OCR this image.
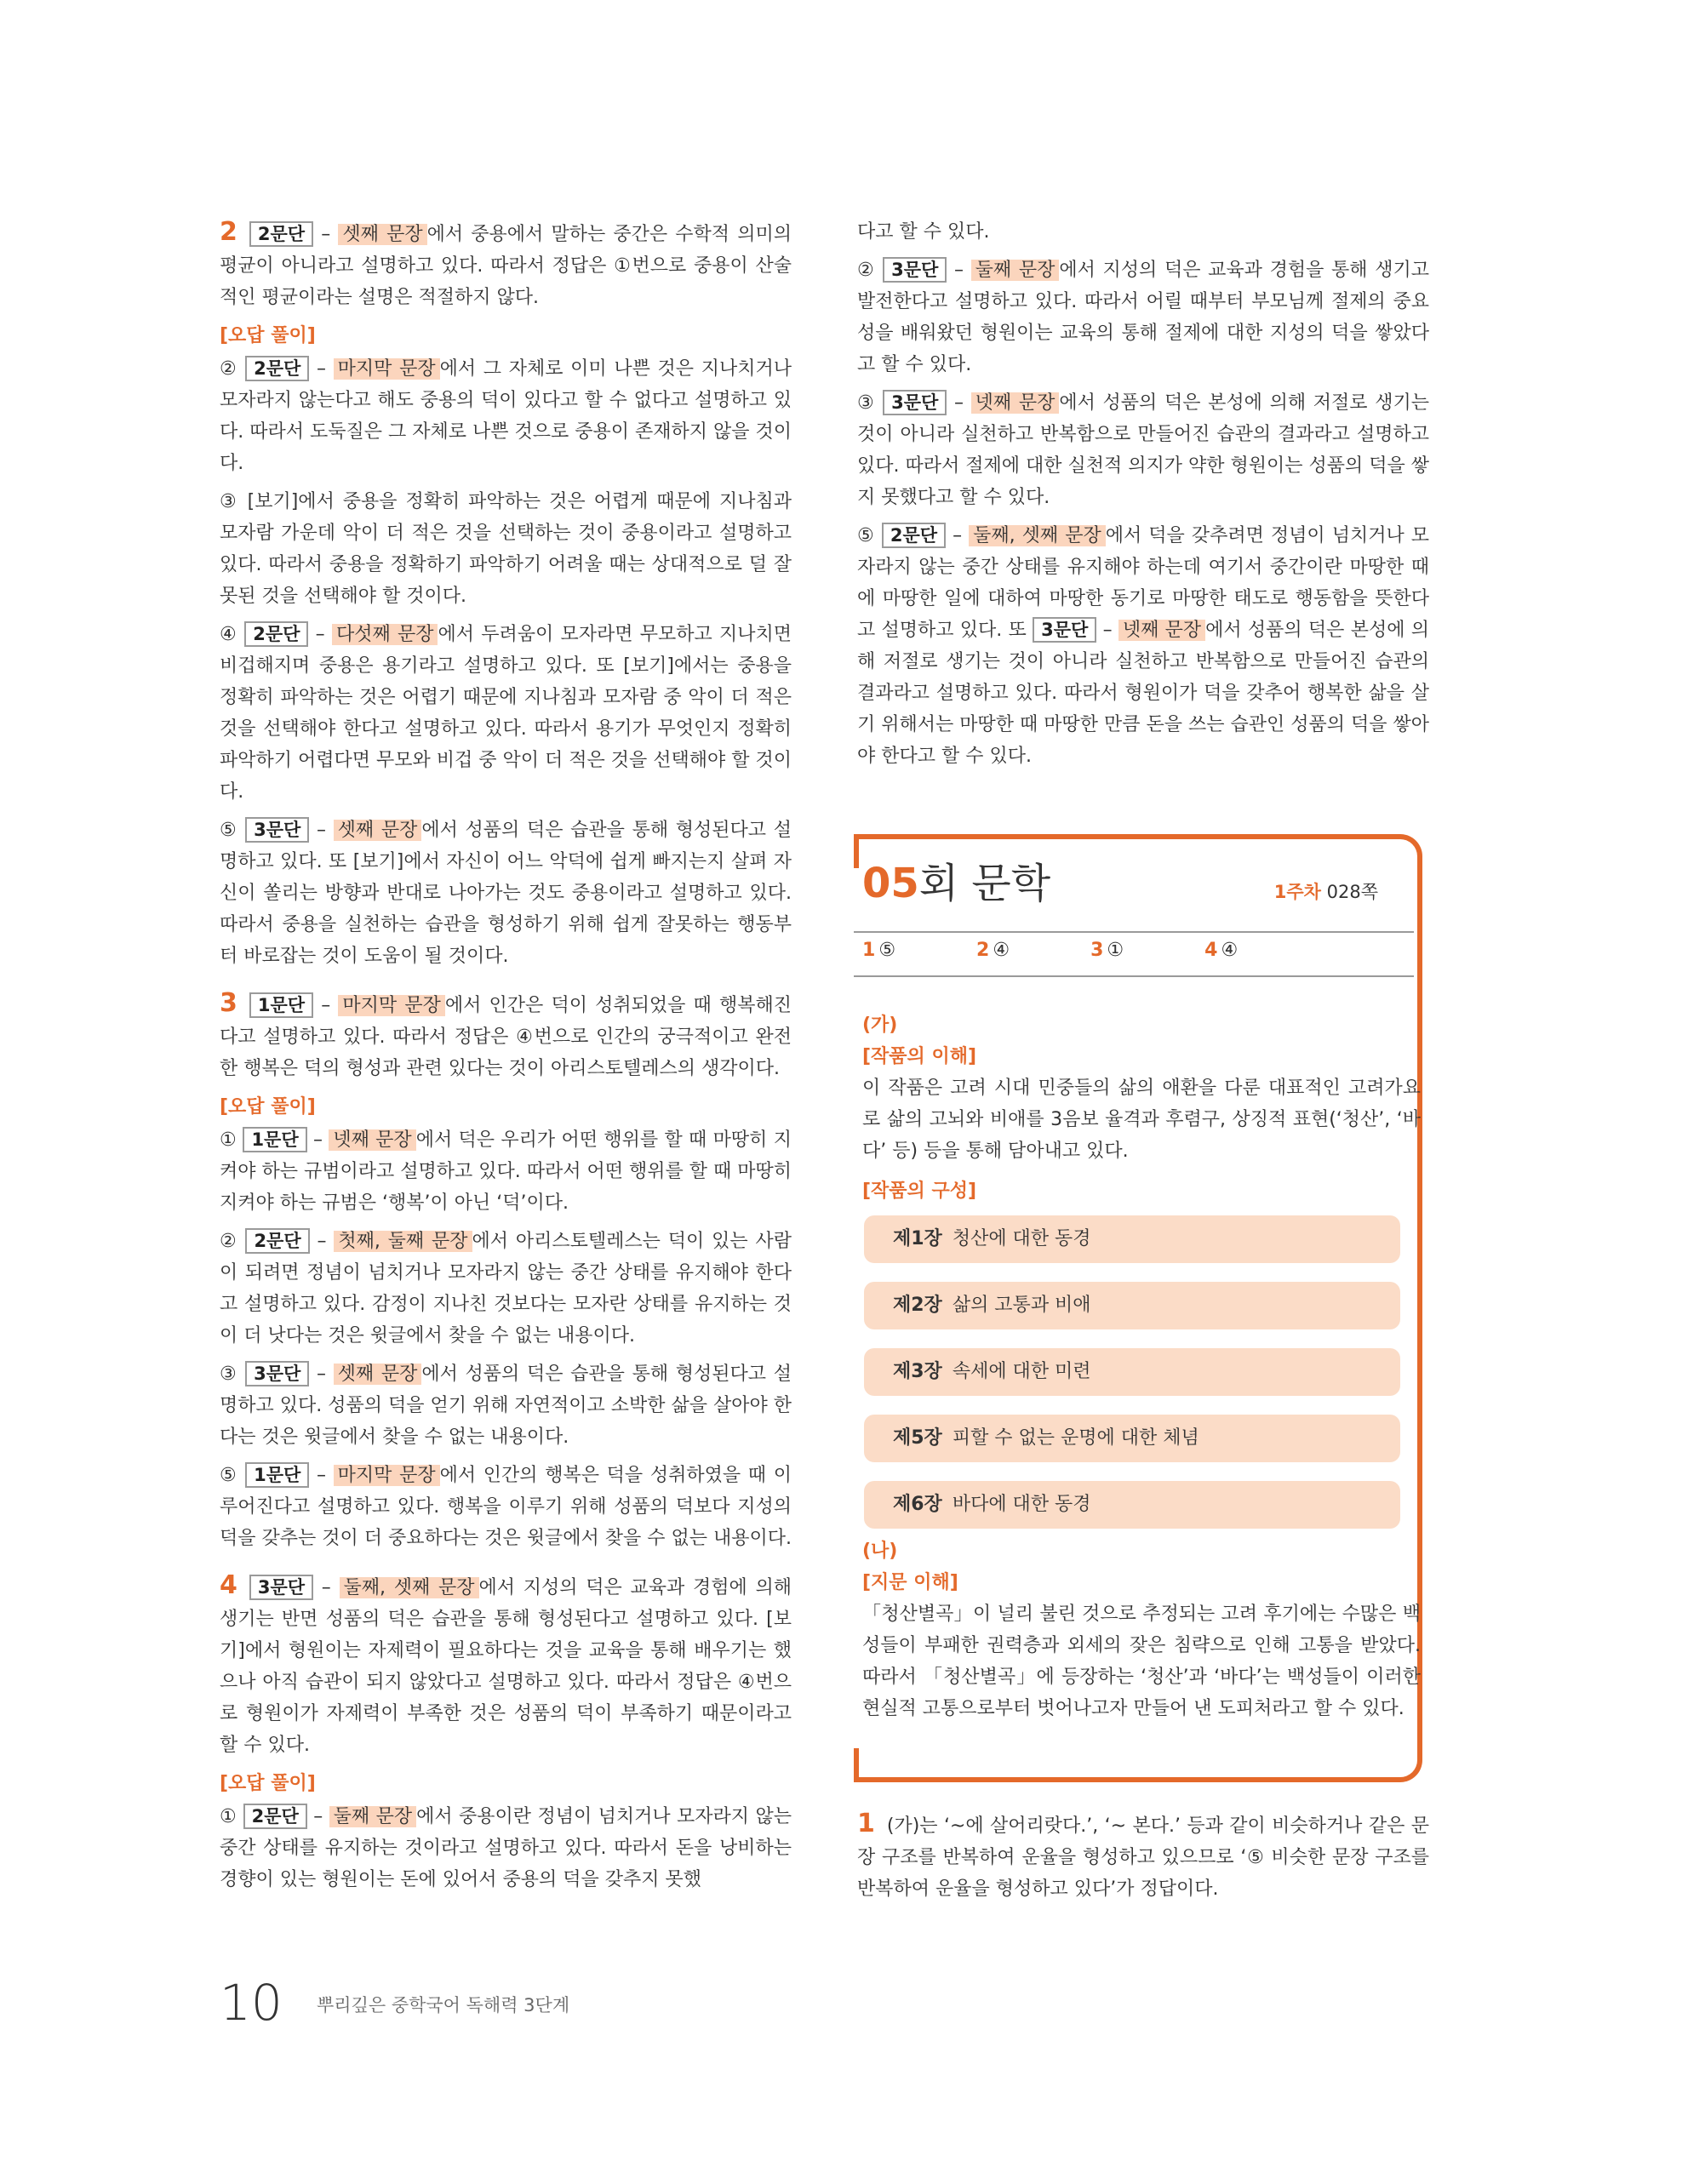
2 2문단 – 셋째 문장 에서 중용에서 말하는 중간은 수학적 의미의 평균이 아니라고 설명하고 있다. 따라서 정답은 ①번으로 중용이 산술적인 평균이라는 설명은 적절하지 않다.

[오답 풀이]

② 2문단 – 마지막 문장 에서 그 자체로 이미 나쁜 것은 지나치거나 모자라지 않는다고 해도 중용의 덕이 있다고 할 수 없다고 설명하고 있다. 따라서 도둑질은 그 자체로 나쁜 것으로 중용이 존재하지 않을 것이다.

③ [보기]에서 중용을 정확히 파악하는 것은 어렵게 때문에 지나침과 모자람 가운데 악이 더 적은 것을 선택하는 것이 중용이라고 설명하고 있다. 따라서 중용을 정확하기 파악하기 어려울 때는 상대적으로 덜 잘못된 것을 선택해야 할 것이다.

④ 2문단 – 다섯째 문장 에서 두려움이 모자라면 무모하고 지나치면 비겁해지며 중용은 용기라고 설명하고 있다. 또 [보기]에서는 중용을 정확히 파악하는 것은 어렵기 때문에 지나침과 모자람 중 악이 더 적은 것을 선택해야 한다고 설명하고 있다. 따라서 용기가 무엇인지 정확히 파악하기 어렵다면 무모와 비겁 중 악이 더 적은 것을 선택해야 할 것이다.

⑤ 3문단 – 셋째 문장 에서 성품의 덕은 습관을 통해 형성된다고 설명하고 있다. 또 [보기]에서 자신이 어느 악덕에 쉽게 빠지는지 살펴 자신이 쏠리는 방향과 반대로 나아가는 것도 중용이라고 설명하고 있다. 따라서 중용을 실천하는 습관을 형성하기 위해 쉽게 잘못하는 행동부터 바로잡는 것이 도움이 될 것이다.

3 1문단 – 마지막 문장 에서 인간은 덕이 성취되었을 때 행복해진다고 설명하고 있다. 따라서 정답은 ④번으로 인간의 궁극적이고 완전한 행복은 덕의 형성과 관련 있다는 것이 아리스토텔레스의 생각이다.

[오답 풀이]

① 1문단 – 넷째 문장 에서 덕은 우리가 어떤 행위를 할 때 마땅히 지켜야 하는 규범이라고 설명하고 있다. 따라서 어떤 행위를 할 때 마땅히 지켜야 하는 규범은 ‘행복’이 아닌 ‘덕’이다.

② 2문단 – 첫째, 둘째 문장 에서 아리스토텔레스는 덕이 있는 사람이 되려면 정념이 넘치거나 모자라지 않는 중간 상태를 유지해야 한다고 설명하고 있다. 감정이 지나친 것보다는 모자란 상태를 유지하는 것이 더 낫다는 것은 윗글에서 찾을 수 없는 내용이다.

③ 3문단 – 셋째 문장 에서 성품의 덕은 습관을 통해 형성된다고 설명하고 있다. 성품의 덕을 얻기 위해 자연적이고 소박한 삶을 살아야 한다는 것은 윗글에서 찾을 수 없는 내용이다.

⑤ 1문단 – 마지막 문장 에서 인간의 행복은 덕을 성취하였을 때 이루어진다고 설명하고 있다. 행복을 이루기 위해 성품의 덕보다 지성의 덕을 갖추는 것이 더 중요하다는 것은 윗글에서 찾을 수 없는 내용이다.

4 3문단 – 둘째, 셋째 문장 에서 지성의 덕은 교육과 경험에 의해 생기는 반면 성품의 덕은 습관을 통해 형성된다고 설명하고 있다. [보기]에서 형원이는 자제력이 필요하다는 것을 교육을 통해 배우기는 했으나 아직 습관이 되지 않았다고 설명하고 있다. 따라서 정답은 ④번으로 형원이가 자제력이 부족한 것은 성품의 덕이 부족하기 때문이라고 할 수 있다.

[오답 풀이]

① 2문단 – 둘째 문장 에서 중용이란 정념이 넘치거나 모자라지 않는 중간 상태를 유지하는 것이라고 설명하고 있다. 따라서 돈을 낭비하는 경향이 있는 형원이는 돈에 있어서 중용의 덕을 갖추지 못했

다고 할 수 있다.

② 3문단 – 둘째 문장 에서 지성의 덕은 교육과 경험을 통해 생기고 발전한다고 설명하고 있다. 따라서 어릴 때부터 부모님께 절제의 중요성을 배워왔던 형원이는 교육의 통해 절제에 대한 지성의 덕을 쌓았다고 할 수 있다.

③ 3문단 – 넷째 문장 에서 성품의 덕은 본성에 의해 저절로 생기는 것이 아니라 실천하고 반복함으로 만들어진 습관의 결과라고 설명하고 있다. 따라서 절제에 대한 실천적 의지가 약한 형원이는 성품의 덕을 쌓지 못했다고 할 수 있다.

⑤ 2문단 – 둘째, 셋째 문장 에서 덕을 갖추려면 정념이 넘치거나 모자라지 않는 중간 상태를 유지해야 하는데 여기서 중간이란 마땅한 때에 마땅한 일에 대하여 마땅한 동기로 마땅한 태도로 행동함을 뜻한다고 설명하고 있다. 또 3문단 – 넷째 문장 에서 성품의 덕은 본성에 의해 저절로 생기는 것이 아니라 실천하고 반복함으로 만들어진 습관의 결과라고 설명하고 있다. 따라서 형원이가 덕을 갖추어 행복한 삶을 살기 위해서는 마땅한 때 마땅한 만큼 돈을 쓰는 습관인 성품의 덕을 쌓아야 한다고 할 수 있다.

05회 문학	1주차 028쪽
1 ⑤	2 ④	3 ①	4 ④

(가)

[작품의 이해]

이 작품은 고려 시대 민중들의 삶의 애환을 다룬 대표적인 고려가요로 삶의 고뇌와 비애를 3음보 율격과 후렴구, 상징적 표현(‘청산’, ‘바다’ 등) 등을 통해 담아내고 있다.

[작품의 구성]

제1장 청산에 대한 동경
제2장 삶의 고통과 비애
제3장 속세에 대한 미련
제5장 피할 수 없는 운명에 대한 체념
제6장 바다에 대한 동경

(나)

[지문 이해]

「청산별곡」이 널리 불린 것으로 추정되는 고려 후기에는 수많은 백성들이 부패한 권력층과 외세의 잦은 침략으로 인해 고통을 받았다. 따라서 「청산별곡」에 등장하는 ‘청산’과 ‘바다’는 백성들이 이러한 현실적 고통으로부터 벗어나고자 만들어 낸 도피처라고 할 수 있다.

1 (가)는 ‘~에 살어리랏다.’, ‘~ 본다.’ 등과 같이 비슷하거나 같은 문장 구조를 반복하여 운율을 형성하고 있으므로 ‘⑤ 비슷한 문장 구조를 반복하여 운율을 형성하고 있다’가 정답이다.

10 뿌리깊은 중학국어 독해력 3단계
